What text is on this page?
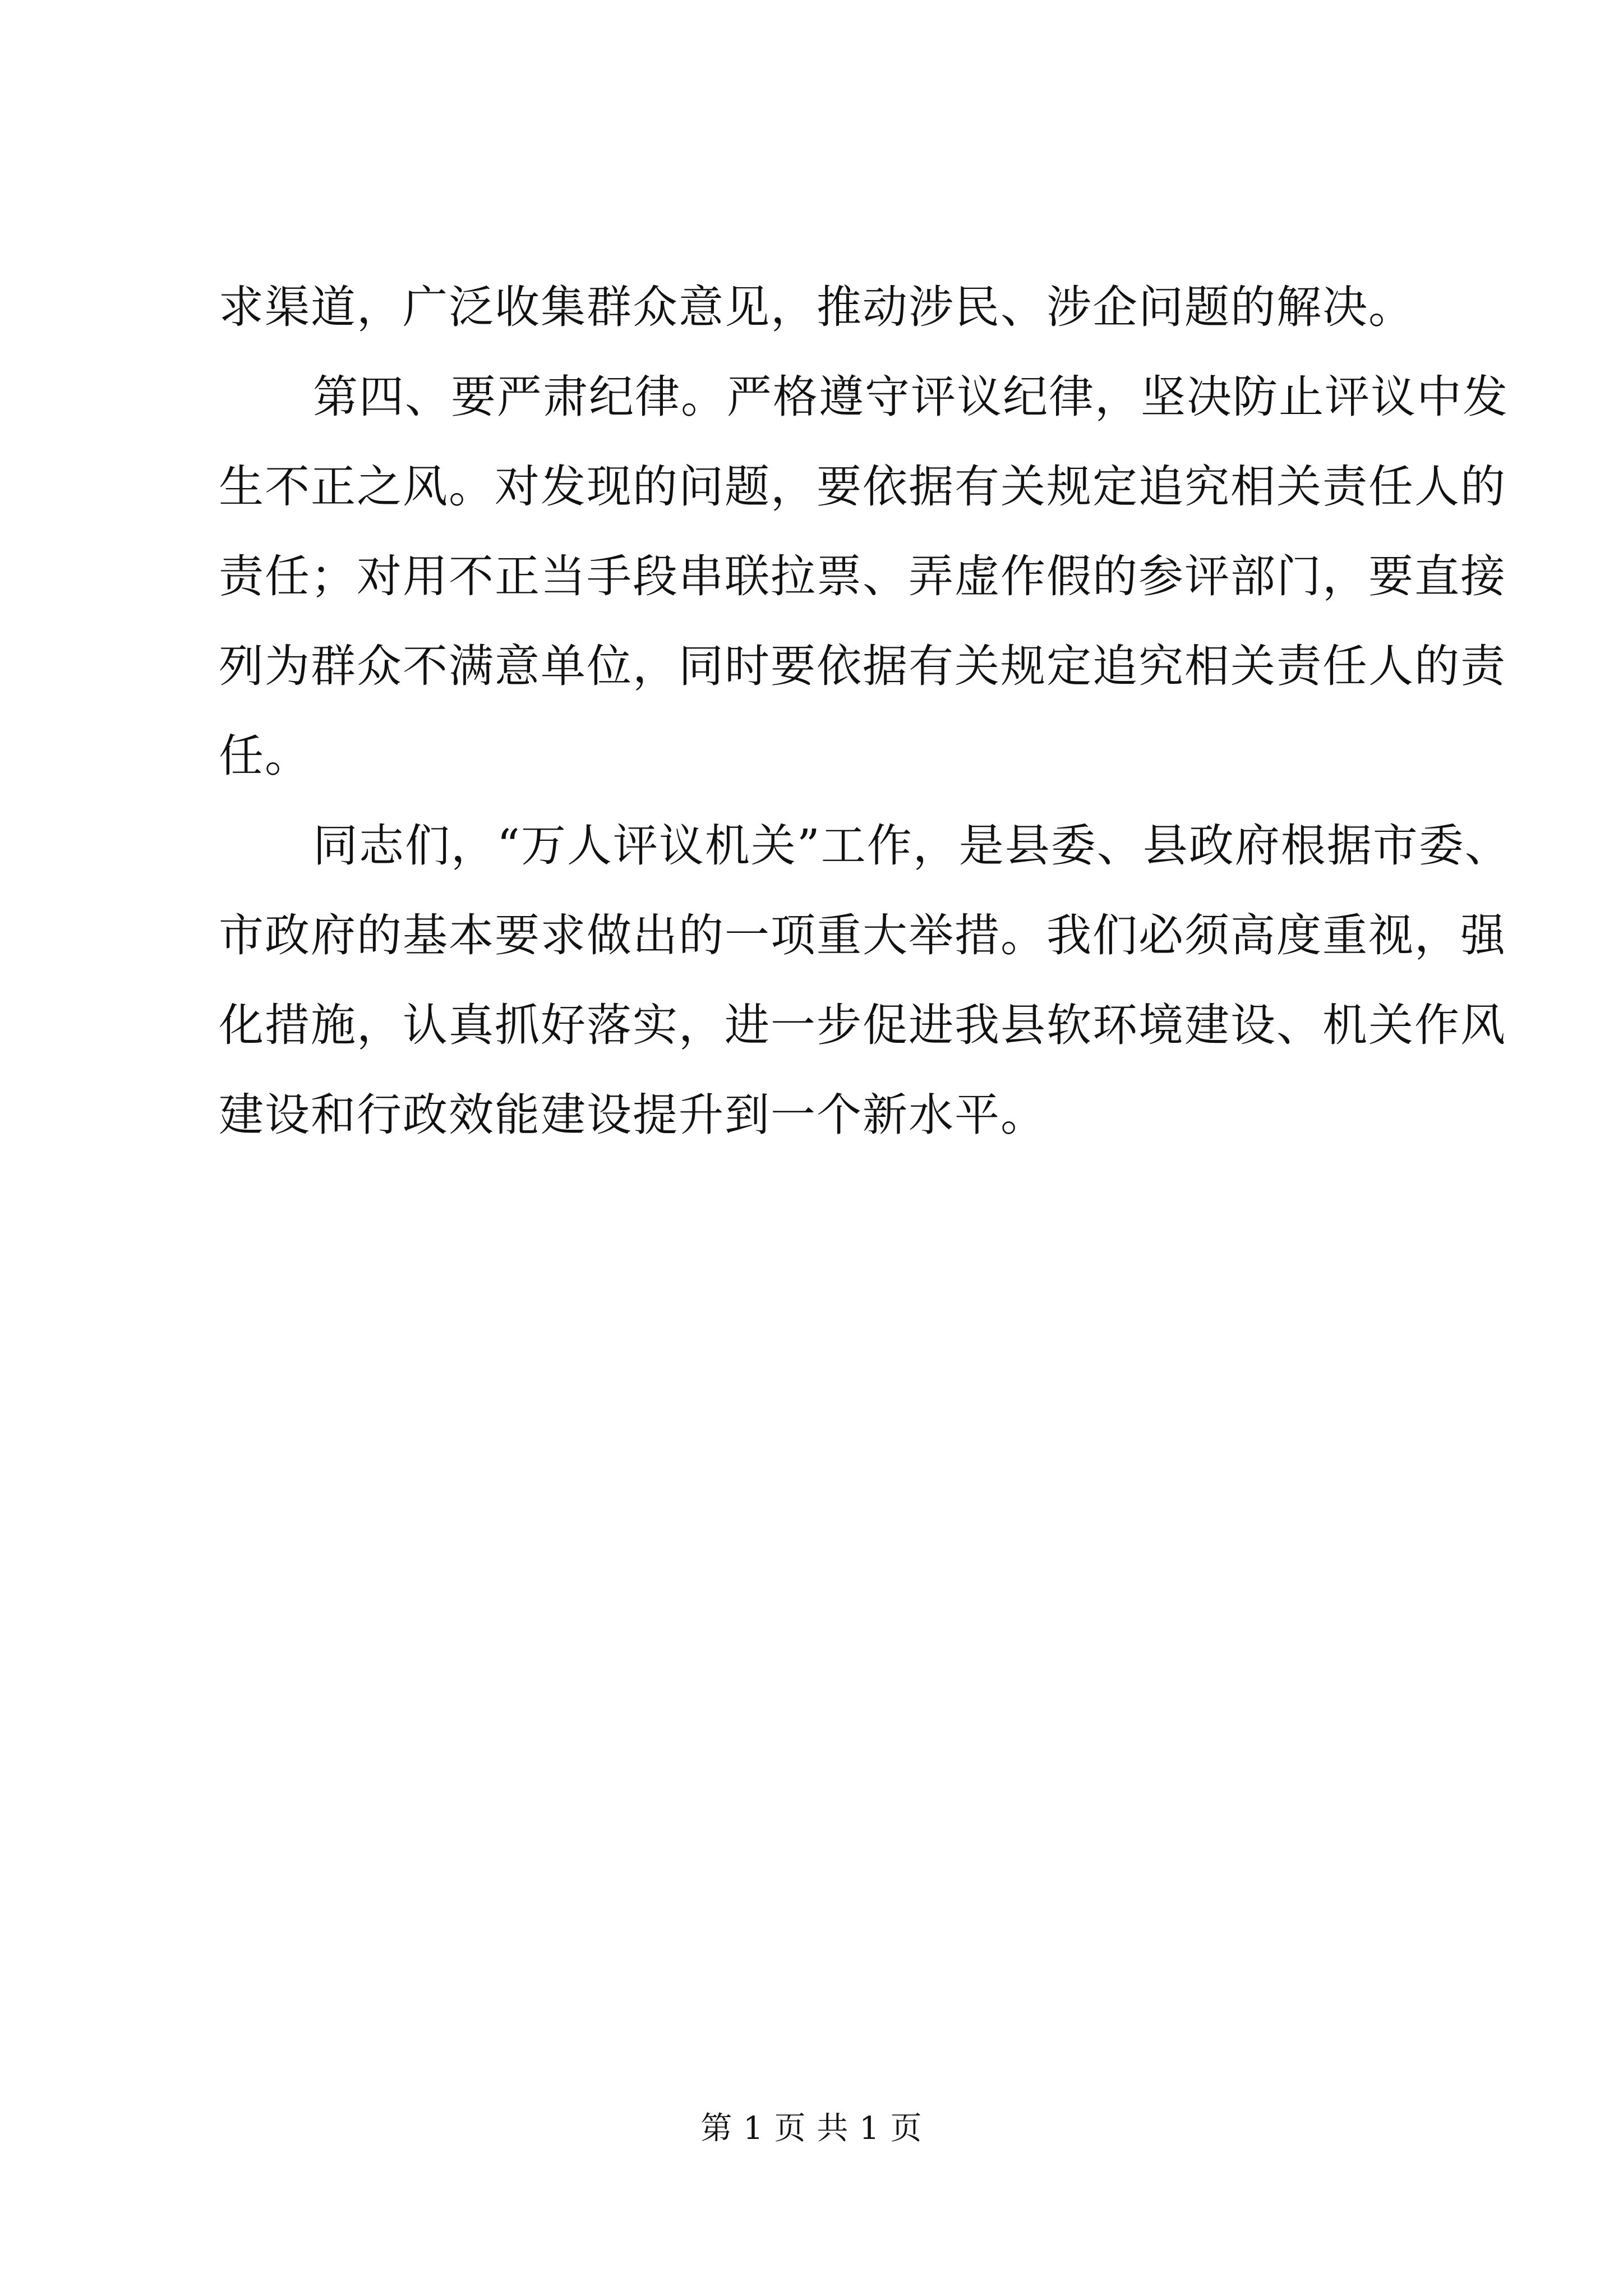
求渠道，广泛收集群众意见，推动涉民、涉企问题的解决。
第四、要严肃纪律。严格遵守评议纪律，坚决防止评议中发
生不正之风。对发现的问题，要依据有关规定追究相关责任人的
责任；对用不正当手段串联拉票、弄虚作假的参评部门，要直接
列为群众不满意单位，同时要依据有关规定追究相关责任人的责
任。
同志们，“万人评议机关”工作，是县委、县政府根据市委、
市政府的基本要求做出的一项重大举措。我们必须高度重视，强
化措施，认真抓好落实，进一步促进我县软环境建设、机关作风
建设和行政效能建设提升到一个新水平。
第 1 页 共 1 页
